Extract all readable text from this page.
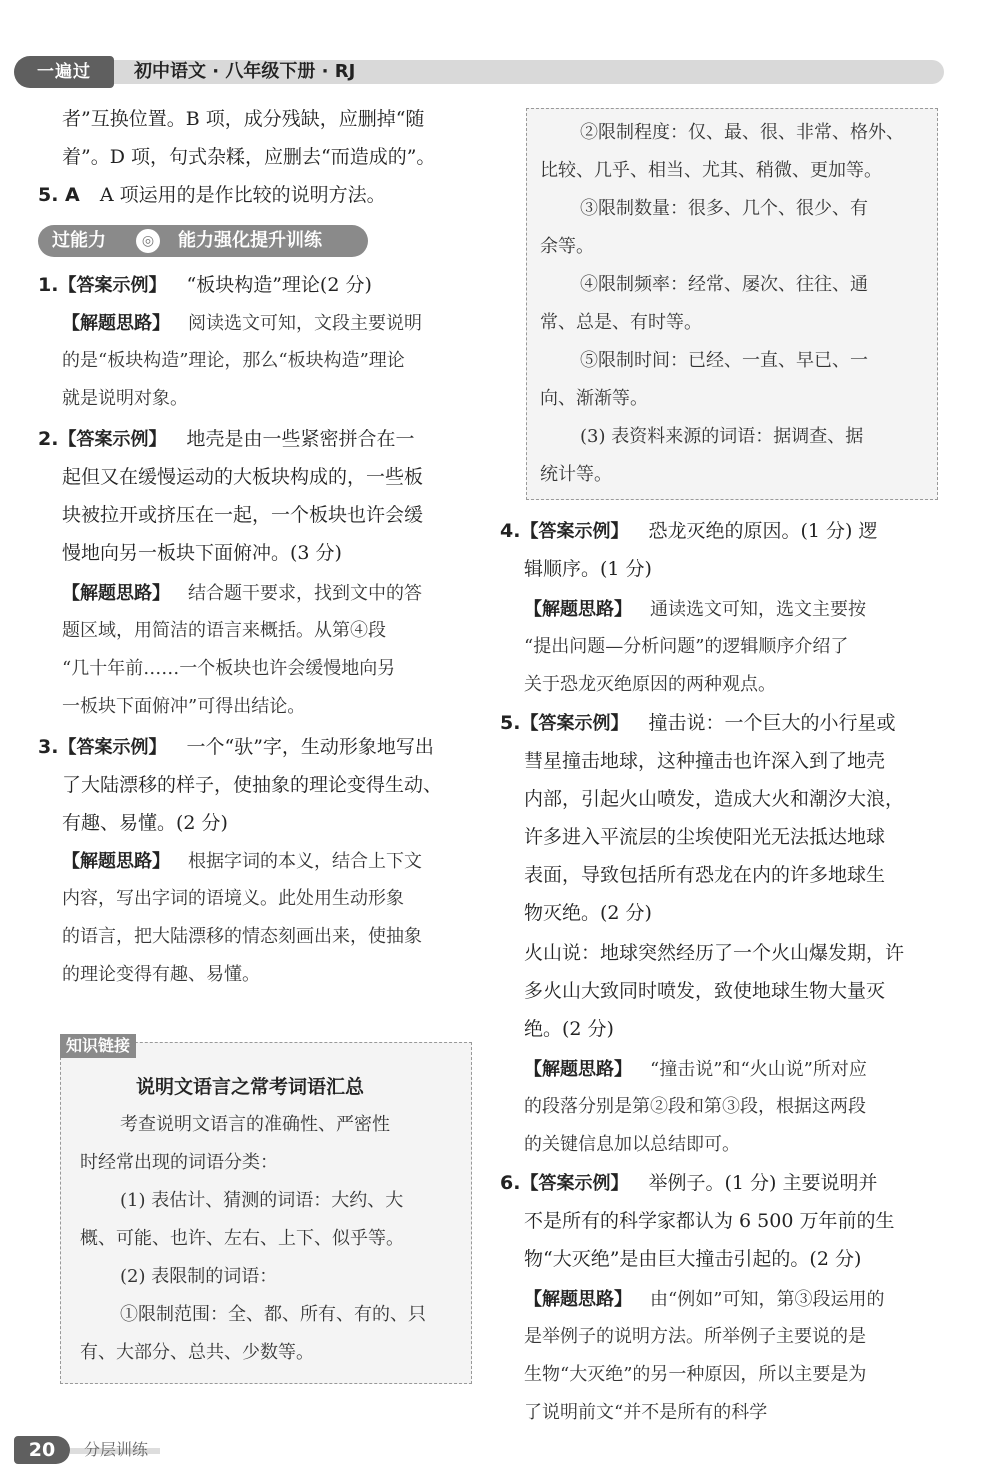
一遍过	初中语文 · 八年级下册 · RJ
者”互换位置。B 项，成分残缺，应删掉“随
着”。D 项，句式杂糅，应删去“而造成的”。
5. A A 项运用的是作比较的说明方法。
过能力	◎	能力强化提升训练
1.【答案示例】 “板块构造”理论(2 分)
【解题思路】 阅读选文可知，文段主要说明
的是“板块构造”理论，那么“板块构造”理论
就是说明对象。
2.【答案示例】 地壳是由一些紧密拼合在一
起但又在缓慢运动的大板块构成的，一些板
块被拉开或挤压在一起，一个板块也许会缓
慢地向另一板块下面俯冲。(3 分)
【解题思路】 结合题干要求，找到文中的答
题区域，用简洁的语言来概括。从第④段
“几十年前……一个板块也许会缓慢地向另
一板块下面俯冲”可得出结论。
3.【答案示例】 一个“驮”字，生动形象地写出
了大陆漂移的样子，使抽象的理论变得生动、
有趣、易懂。(2 分)
【解题思路】 根据字词的本义，结合上下文
内容，写出字词的语境义。此处用生动形象
的语言，把大陆漂移的情态刻画出来，使抽象
的理论变得有趣、易懂。
知识链接
说明文语言之常考词语汇总
考查说明文语言的准确性、严密性
时经常出现的词语分类：
(1) 表估计、猜测的词语：大约、大
概、可能、也许、左右、上下、似乎等。
(2) 表限制的词语：
①限制范围：全、都、所有、有的、只
有、大部分、总共、少数等。
②限制程度：仅、最、很、非常、格外、
比较、几乎、相当、尤其、稍微、更加等。
③限制数量：很多、几个、很少、有
余等。
④限制频率：经常、屡次、往往、通
常、总是、有时等。
⑤限制时间：已经、一直、早已、一
向、渐渐等。
(3) 表资料来源的词语：据调查、据
统计等。
4.【答案示例】 恐龙灭绝的原因。(1 分) 逻
辑顺序。(1 分)
【解题思路】 通读选文可知，选文主要按
“提出问题—分析问题”的逻辑顺序介绍了
关于恐龙灭绝原因的两种观点。
5.【答案示例】 撞击说：一个巨大的小行星或
彗星撞击地球，这种撞击也许深入到了地壳
内部，引起火山喷发，造成大火和潮汐大浪，
许多进入平流层的尘埃使阳光无法抵达地球
表面，导致包括所有恐龙在内的许多地球生
物灭绝。(2 分)
火山说：地球突然经历了一个火山爆发期，许
多火山大致同时喷发，致使地球生物大量灭
绝。(2 分)
【解题思路】 “撞击说”和“火山说”所对应
的段落分别是第②段和第③段，根据这两段
的关键信息加以总结即可。
6.【答案示例】 举例子。(1 分) 主要说明并
不是所有的科学家都认为 6 500 万年前的生
物“大灭绝”是由巨大撞击引起的。(2 分)
【解题思路】 由“例如”可知，第③段运用的
是举例子的说明方法。所举例子主要说的是
生物“大灭绝”的另一种原因，所以主要是为
了说明前文“并不是所有的科学
20	分层训练
